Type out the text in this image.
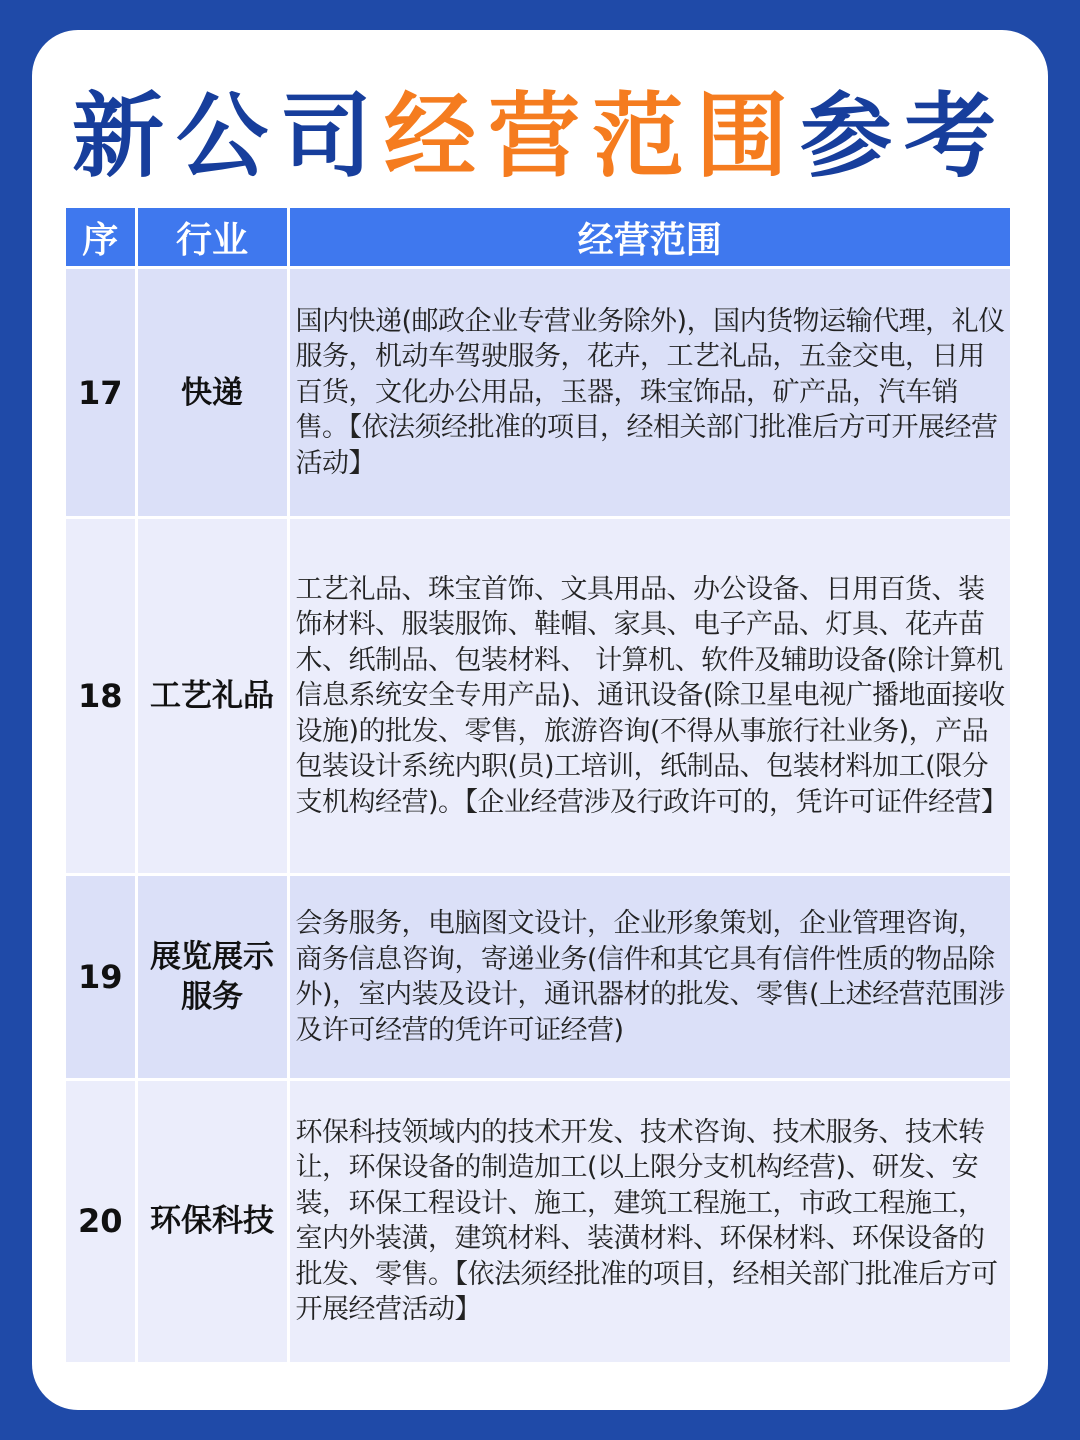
新公司经营范围参考
序	行业	经营范围
17	快递	国内快递(邮政企业专营业务除外)，国内货物运输代理，礼仪服务，机动车驾驶服务，花卉，工艺礼品，五金交电，日用百货，文化办公用品，玉器，珠宝饰品，矿产品，汽车销售。【依法须经批准的项目，经相关部门批准后方可开展经营活动】

18	工艺礼品	工艺礼品、珠宝首饰、文具用品、办公设备、日用百货、装饰材料、服装服饰、鞋帽、家具、电子产品、灯具、花卉苗木、纸制品、包装材料、 计算机、软件及辅助设备(除计算机信息系统安全专用产品)、通讯设备(除卫星电视广播地面接收设施)的批发、零售，旅游咨询(不得从事旅行社业务)，产品包装设计系统内职(员)工培训，纸制品、包装材料加工(限分支机构经营)。【企业经营涉及行政许可的，凭许可证件经营】

19	展览展示服务	会务服务，电脑图文设计，企业形象策划，企业管理咨询，商务信息咨询，寄递业务(信件和其它具有信件性质的物品除外)，室内装及设计，通讯器材的批发、零售(上述经营范围涉及许可经营的凭许可证经营)

20	环保科技	环保科技领域内的技术开发、技术咨询、技术服务、技术转让，环保设备的制造加工(以上限分支机构经营)、研发、安装，环保工程设计、施工，建筑工程施工，市政工程施工，室内外装潢，建筑材料、装潢材料、环保材料、环保设备的批发、零售。【依法须经批准的项目，经相关部门批准后方可开展经营活动】
